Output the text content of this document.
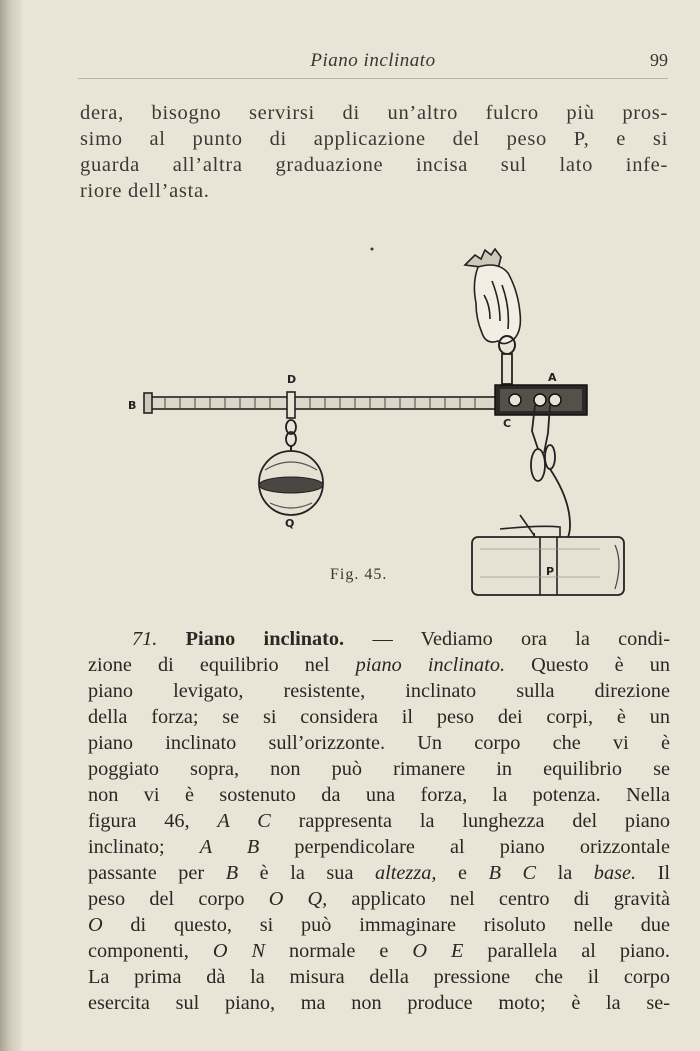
Piano inclinato	99
dera, bisogno servirsi di un’altro fulcro più pros-
simo al punto di applicazione del peso P, e si
guarda all’altra graduazione incisa sul lato infe-
riore dell’asta.
B
D
Q
A
C
P
Fig. 45.
71. Piano inclinato. — Vediamo ora la condi-
zione di equilibrio nel piano inclinato. Questo è un
piano levigato, resistente, inclinato sulla direzione
della forza; se si considera il peso dei corpi, è un
piano inclinato sull’orizzonte. Un corpo che vi è
poggiato sopra, non può rimanere in equilibrio se
non vi è sostenuto da una forza, la potenza. Nella
figura 46, A C rappresenta la lunghezza del piano
inclinato; A B perpendicolare al piano orizzontale
passante per B è la sua altezza, e B C la base. Il
peso del corpo O Q, applicato nel centro di gravità
O di questo, si può immaginare risoluto nelle due
componenti, O N normale e O E parallela al piano.
La prima dà la misura della pressione che il corpo
esercita sul piano, ma non produce moto; è la se-
